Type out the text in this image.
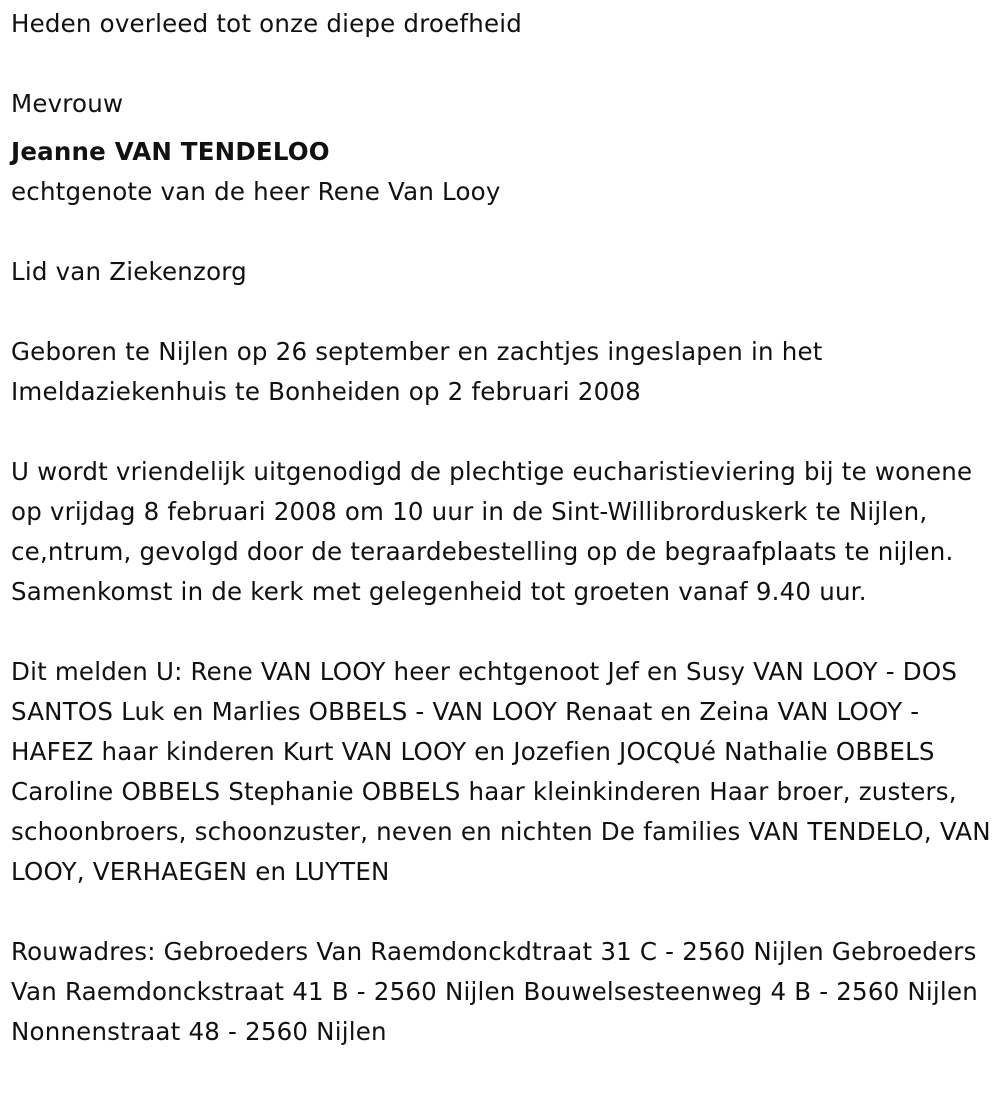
Heden overleed tot onze diepe droefheid

Mevrouw

Jeanne VAN TENDELOO

echtgenote van de heer Rene Van Looy

Lid van Ziekenzorg

Geboren te Nijlen op 26 september en zachtjes ingeslapen in het Imeldaziekenhuis te Bonheiden op 2 februari 2008

U wordt vriendelijk uitgenodigd de plechtige eucharistieviering bij te wonene op vrijdag 8 februari 2008 om 10 uur in de Sint-Willibrorduskerk te Nijlen, ce,ntrum, gevolgd door de teraardebestelling op de begraafplaats te nijlen. Samenkomst in de kerk met gelegenheid tot groeten vanaf 9.40 uur.

Dit melden U: Rene VAN LOOY heer echtgenoot Jef en Susy VAN LOOY - DOS SANTOS Luk en Marlies OBBELS - VAN LOOY Renaat en Zeina VAN LOOY - HAFEZ haar kinderen Kurt VAN LOOY en Jozefien JOCQUé Nathalie OBBELS Caroline OBBELS Stephanie OBBELS haar kleinkinderen Haar broer, zusters, schoonbroers, schoonzuster, neven en nichten De families VAN TENDELO, VAN LOOY, VERHAEGEN en LUYTEN

Rouwadres: Gebroeders Van Raemdonckdtraat 31 C - 2560 Nijlen Gebroeders Van Raemdonckstraat 41 B - 2560 Nijlen Bouwelsesteenweg 4 B - 2560 Nijlen Nonnenstraat 48 - 2560 Nijlen
